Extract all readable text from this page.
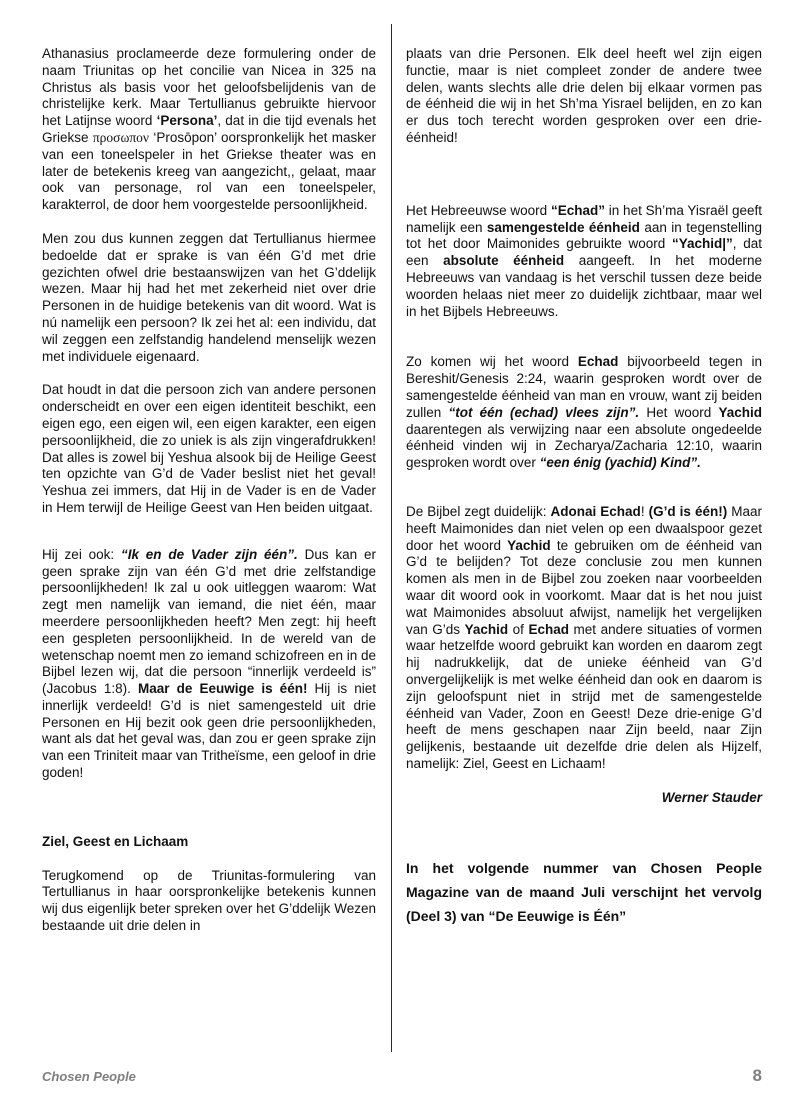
Athanasius proclameerde deze formulering onder de naam Triunitas op het concilie van Nicea in 325 na Christus als basis voor het geloofsbelijdenis van de christelijke kerk. Maar Tertullianus gebruikte hiervoor het Latijnse woord ‘Persona’, dat in die tijd evenals het Griekse προσωπον ‘Prosōpon’ oorspronkelijk het masker van een toneelspeler in het Griekse theater was en later de betekenis kreeg van aangezicht,, gelaat, maar ook van personage, rol van een toneelspeler, karakterrol, de door hem voorgestelde persoonlijkheid.

Men zou dus kunnen zeggen dat Tertullianus hiermee bedoelde dat er sprake is van één G’d met drie gezichten ofwel drie bestaanswijzen van het G’ddelijk wezen. Maar hij had het met zekerheid niet over drie Personen in de huidige betekenis van dit woord. Wat is nú namelijk een persoon? Ik zei het al: een individu, dat wil zeggen een zelfstandig handelend menselijk wezen met individuele eigenaard.

Dat houdt in dat die persoon zich van andere personen onderscheidt en over een eigen identiteit beschikt, een eigen ego, een eigen wil, een eigen karakter, een eigen persoonlijkheid, die zo uniek is als zijn vingerafdrukken! Dat alles is zowel bij Yeshua alsook bij de Heilige Geest ten opzichte van G’d de Vader beslist niet het geval! Yeshua zei immers, dat Hij in de Vader is en de Vader in Hem terwijl de Heilige Geest van Hen beiden uitgaat.

Hij zei ook: “Ik en de Vader zijn één”. Dus kan er geen sprake zijn van één G’d met drie zelfstandige persoonlijkheden! Ik zal u ook uitleggen waarom: Wat zegt men namelijk van iemand, die niet één, maar meerdere persoonlijkheden heeft? Men zegt: hij heeft een gespleten persoonlijkheid. In de wereld van de wetenschap noemt men zo iemand schizofreen en in de Bijbel lezen wij, dat die persoon “innerlijk verdeeld is” (Jacobus 1:8). Maar de Eeuwige is één! Hij is niet innerlijk verdeeld! G’d is niet samengesteld uit drie Personen en Hij bezit ook geen drie persoonlijkheden, want als dat het geval was, dan zou er geen sprake zijn van een Triniteit maar van Tritheïsme, een geloof in drie goden!

Ziel, Geest en Lichaam

Terugkomend op de Triunitas-formulering van Tertullianus in haar oorspronkelijke betekenis kunnen wij dus eigenlijk beter spreken over het G’ddelijk Wezen bestaande uit drie delen in

plaats van drie Personen. Elk deel heeft wel zijn eigen functie, maar is niet compleet zonder de andere twee delen, wants slechts alle drie delen bij elkaar vormen pas de éénheid die wij in het Sh’ma Yisrael belijden, en zo kan er dus toch terecht worden gesproken over een drie-éénheid!

Het Hebreeuwse woord “Echad” in het Sh’ma Yisraël geeft namelijk een samengestelde éénheid aan in tegenstelling tot het door Maimonides gebruikte woord “Yachid|”, dat een absolute éénheid aangeeft. In het moderne Hebreeuws van vandaag is het verschil tussen deze beide woorden helaas niet meer zo duidelijk zichtbaar, maar wel in het Bijbels Hebreeuws.

Zo komen wij het woord Echad bijvoorbeeld tegen in Bereshit/Genesis 2:24, waarin gesproken wordt over de samengestelde éénheid van man en vrouw, want zij beiden zullen “tot één (echad) vlees zijn”. Het woord Yachid daarentegen als verwijzing naar een absolute ongedeelde éénheid vinden wij in Zecharya/Zacharia 12:10, waarin gesproken wordt over “een énig (yachid) Kind”.

De Bijbel zegt duidelijk: Adonai Echad! (G’d is één!) Maar heeft Maimonides dan niet velen op een dwaalspoor gezet door het woord Yachid te gebruiken om de éénheid van G’d te belijden? Tot deze conclusie zou men kunnen komen als men in de Bijbel zou zoeken naar voorbeelden waar dit woord ook in voorkomt. Maar dat is het nou juist wat Maimonides absoluut afwijst, namelijk het vergelijken van G’ds Yachid of Echad met andere situaties of vormen waar hetzelfde woord gebruikt kan worden en daarom zegt hij nadrukkelijk, dat de unieke éénheid van G’d onvergelijkelijk is met welke éénheid dan ook en daarom is zijn geloofspunt niet in strijd met de samengestelde éénheid van Vader, Zoon en Geest! Deze drie-enige G’d heeft de mens geschapen naar Zijn beeld, naar Zijn gelijkenis, bestaande uit dezelfde drie delen als Hijzelf, namelijk: Ziel, Geest en Lichaam!

Werner Stauder

In het volgende nummer van Chosen People Magazine van de maand Juli verschijnt het vervolg (Deel 3) van “De Eeuwige is Één”

Chosen People	8
